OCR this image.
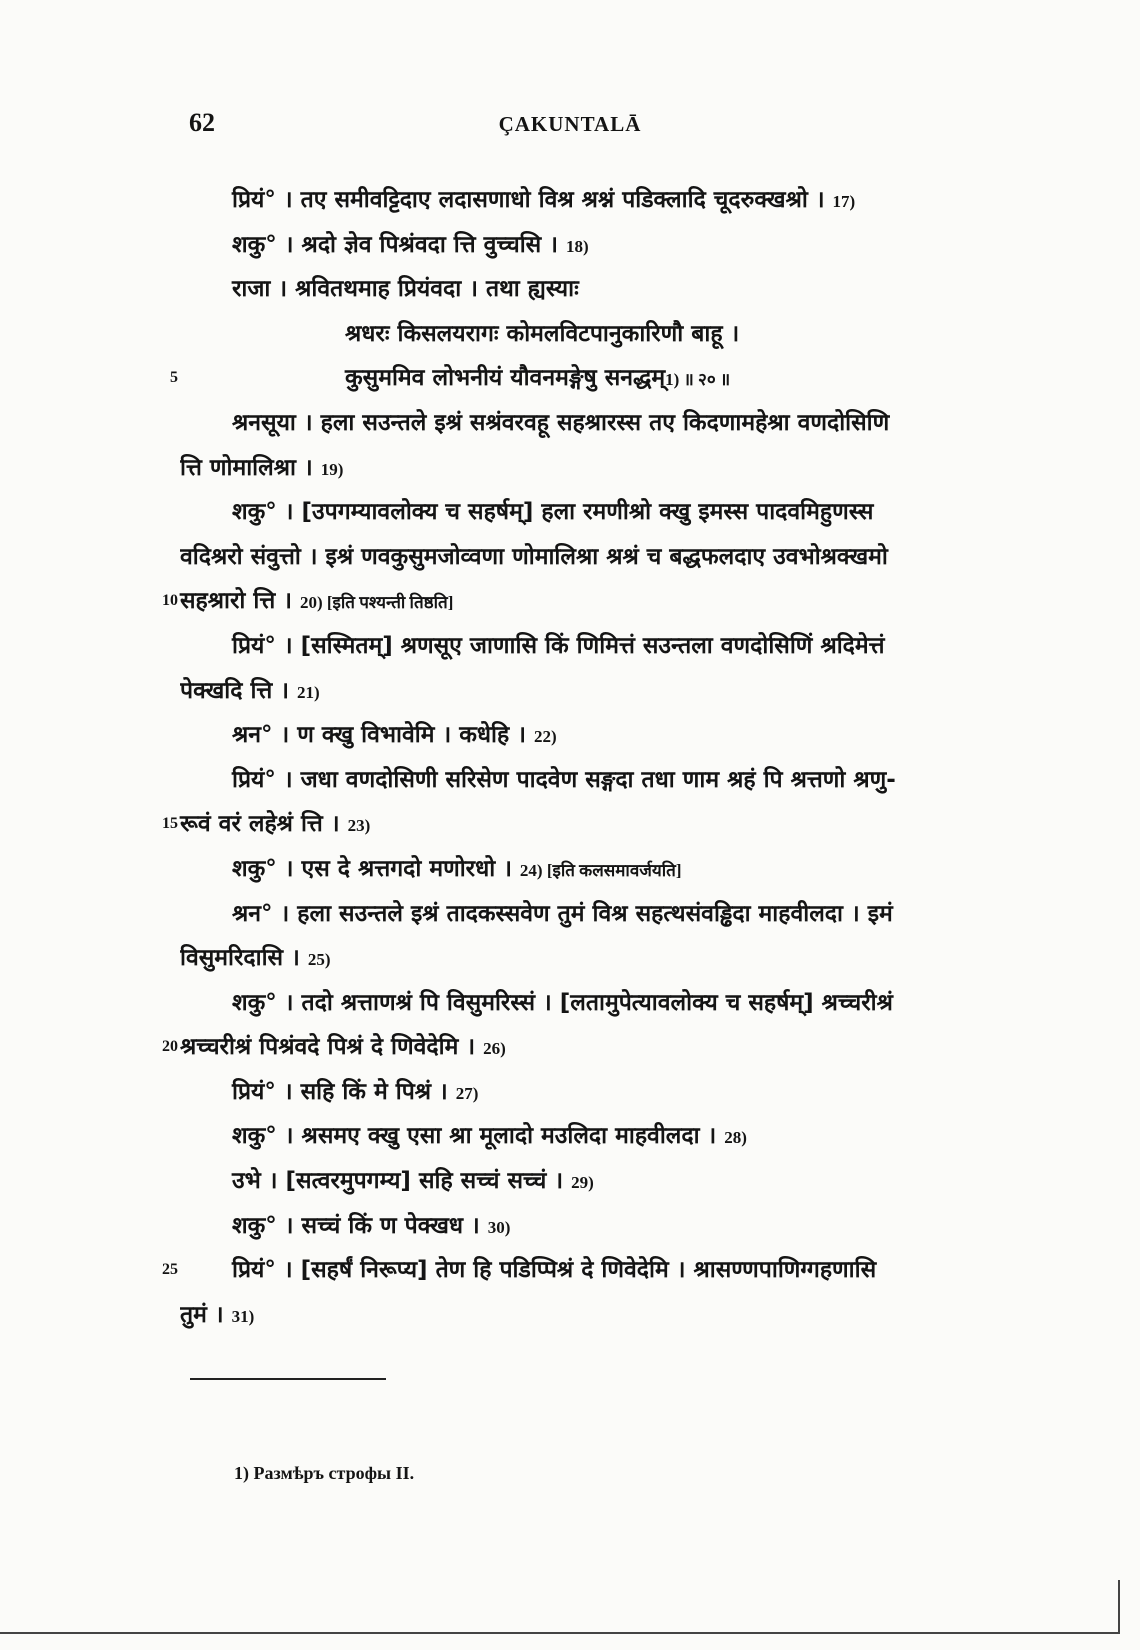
62	ÇAKUNTALĀ
प्रियं° । तए समीवट्टिदाए लदासणाधो विश्र श्रश्नं पडिक्लादि चूदरुक्खश्रो । 17)
शकु° । श्रदो ज्ञेव पिश्रंवदा त्ति वुच्चसि । 18)
राजा । श्रवितथमाह प्रियंवदा । तथा ह्यस्याः
श्रधरः किसलयरागः कोमलविटपानुकारिणौ बाहू ।
5	कुसुममिव लोभनीयं यौवनमङ्गेषु सनद्धम्1) ॥ २० ॥
श्रनसूया । हला सउन्तले इश्रं सश्रंवरवहू सहश्रारस्स तए किदणामहेश्रा वणदोसिणि
त्ति णोमालिश्रा । 19)
शकु° । [उपगम्यावलोक्य च सहर्षम्] हला रमणीश्रो क्खु इमस्स पादवमिहुणस्स
वदिश्ररो संवुत्तो । इश्रं णवकुसुमजोव्वणा णोमालिश्रा श्रश्रं च बद्धफलदाए उवभोश्रक्खमो
10 सहश्रारो त्ति । 20) [इति पश्यन्ती तिष्ठति]
प्रियं° । [सस्मितम्] श्रणसूए जाणासि किं णिमित्तं सउन्तला वणदोसिणिं श्रदिमेत्तं
पेक्खदि त्ति । 21)
श्रन° । ण क्खु विभावेमि । कधेहि । 22)
प्रियं° । जधा वणदोसिणी सरिसेण पादवेण सङ्गदा तधा णाम श्रहं पि श्रत्तणो श्रणु-
15 रूवं वरं लहेश्रं त्ति । 23)
शकु° । एस दे श्रत्तगदो मणोरधो । 24) [इति कलसमावर्जयति]
श्रन° । हला सउन्तले इश्रं तादकस्सवेण तुमं विश्र सहत्थसंवड्ढिदा माहवीलदा । इमं
विसुमरिदासि । 25)
शकु° । तदो श्रत्ताणश्रं पि विसुमरिस्सं । [लतामुपेत्यावलोक्य च सहर्षम्] श्रच्चरीश्रं
20 श्रच्चरीश्रं पिश्रंवदे पिश्रं दे णिवेदेमि । 26)
प्रियं° । सहि किं मे पिश्रं । 27)
शकु° । श्रसमए क्खु एसा श्रा मूलादो मउलिदा माहवीलदा । 28)
उभे । [सत्वरमुपगम्य] सहि सच्चं सच्चं । 29)
शकु° । सच्चं किं ण पेक्खध । 30)
25 प्रियं° । [सहर्षं निरूप्य] तेण हि पडिप्पिश्रं दे णिवेदेमि । श्रासण्णपाणिग्गहणासि
तुमं । 31)
1) Размѣръ строфы II.
